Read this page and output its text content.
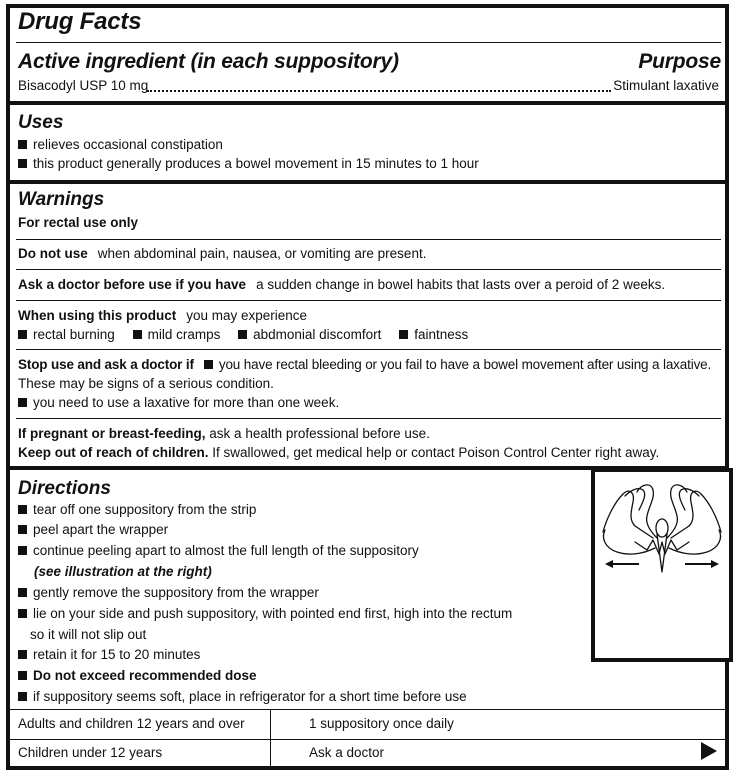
Drug Facts
Active ingredient (in each suppository)	Purpose
Bisacodyl USP 10 mg	Stimulant laxative
Uses
relieves occasional constipation
this product generally produces a bowel movement in 15 minutes to 1 hour
Warnings
For rectal use only
Do not use when abdominal pain, nausea, or vomiting are present.
Ask a doctor before use if you have a sudden change in bowel habits that lasts over a peroid of 2 weeks.
When using this product you may experience
rectal burning mild cramps abdmonial discomfort faintness
Stop use and ask a doctor if you have rectal bleeding or you fail to have a bowel movement after using a laxative.
These may be signs of a serious condition.
you need to use a laxative for more than one week.
If pregnant or breast-feeding, ask a health professional before use.
Keep out of reach of children. If swallowed, get medical help or contact Poison Control Center right away.
Directions
tear off one suppository from the strip
peel apart the wrapper
continue peeling apart to almost the full length of the suppository
(see illustration at the right)
gently remove the suppository from the wrapper
lie on your side and push suppository, with pointed end first, high into the rectum
so it will not slip out
retain it for 15 to 20 minutes
Do not exceed recommended dose
if suppository seems soft, place in refrigerator for a short time before use
Adults and children 12 years and over	1 suppository once daily
Children under 12 years	Ask a doctor
